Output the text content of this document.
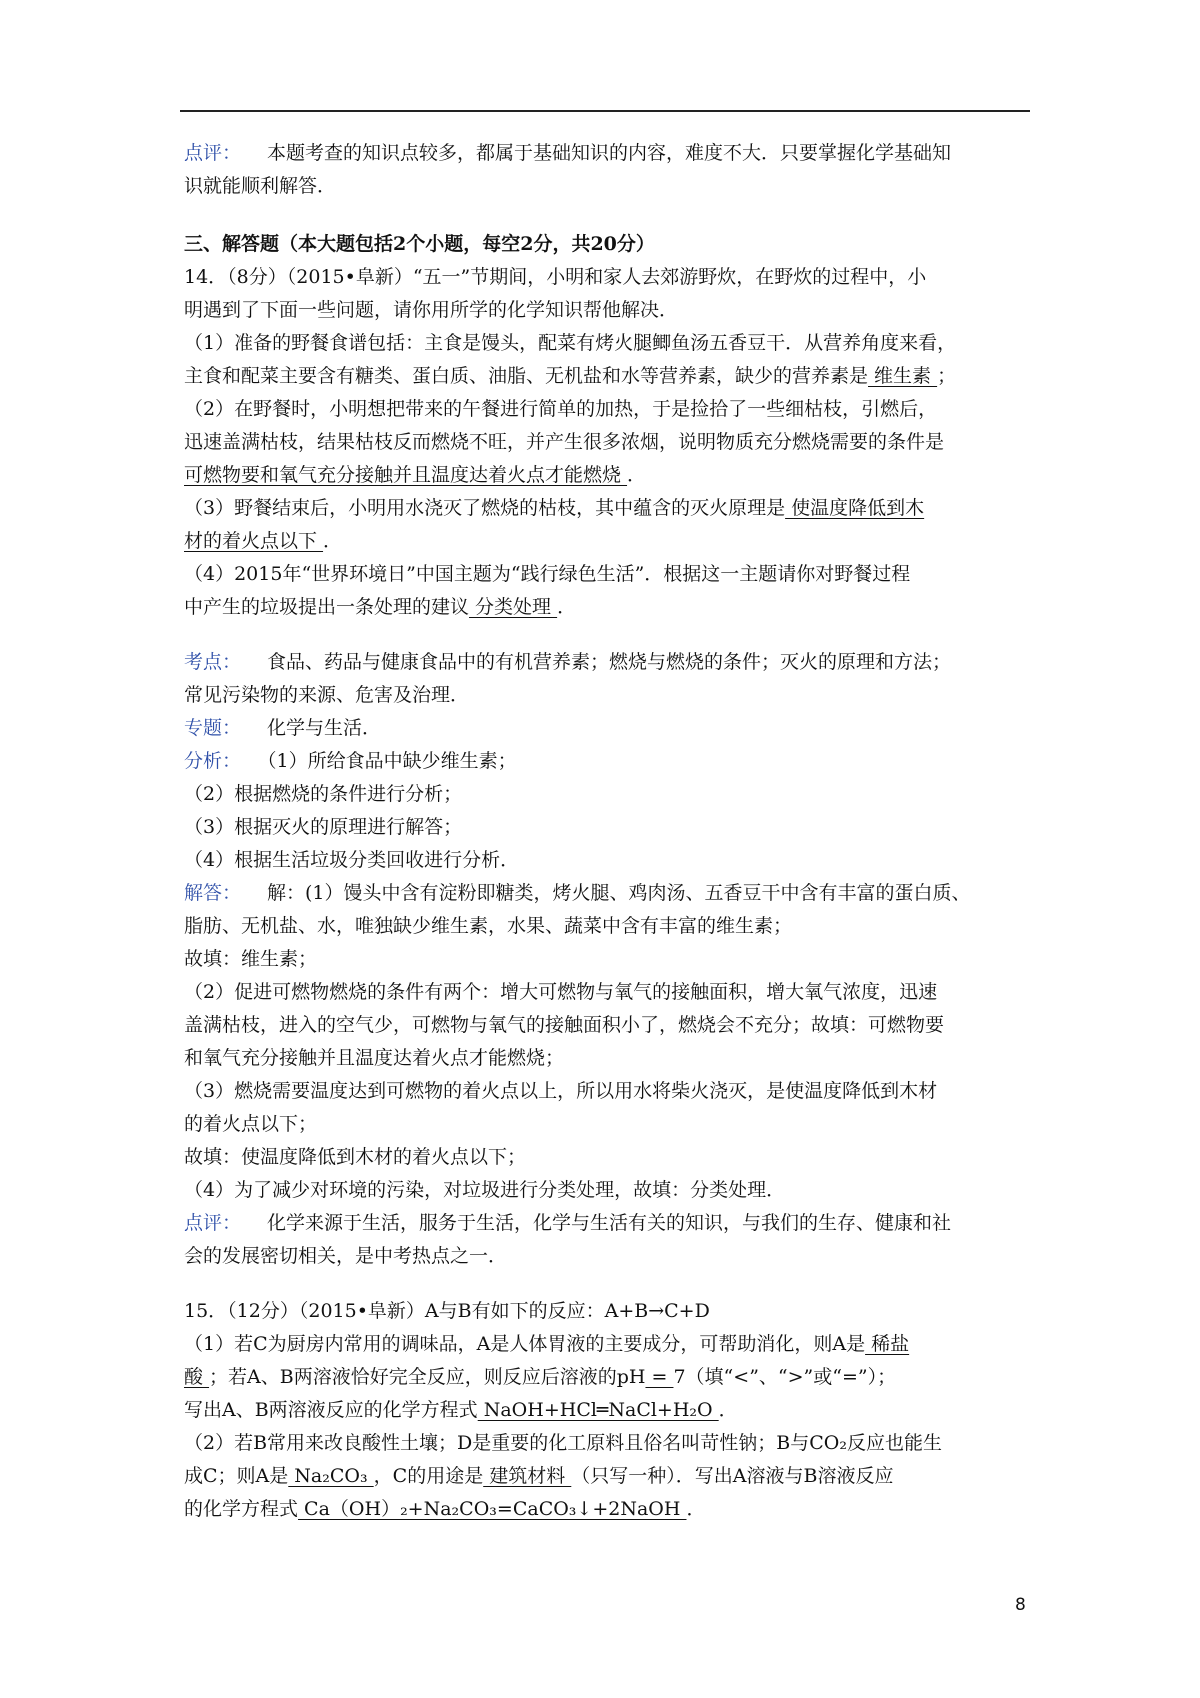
点评： 本题考查的知识点较多，都属于基础知识的内容，难度不大．只要掌握化学基础知
识就能顺利解答．
三、解答题（本大题包括2个小题，每空2分，共20分）
14．（8分）（2015•阜新）“五一”节期间，小明和家人去郊游野炊，在野炊的过程中，小
明遇到了下面一些问题，请你用所学的化学知识帮他解决．
（1）准备的野餐食谱包括：主食是馒头，配菜有烤火腿鲫鱼汤五香豆干．从营养角度来看，
主食和配菜主要含有糖类、蛋白质、油脂、无机盐和水等营养素，缺少的营养素是 维生素 ；
（2）在野餐时，小明想把带来的午餐进行简单的加热，于是捡拾了一些细枯枝，引燃后，
迅速盖满枯枝，结果枯枝反而燃烧不旺，并产生很多浓烟，说明物质充分燃烧需要的条件是
可燃物要和氧气充分接触并且温度达着火点才能燃烧 ．
（3）野餐结束后，小明用水浇灭了燃烧的枯枝，其中蕴含的灭火原理是 使温度降低到木
材的着火点以下 ．
（4）2015年“世界环境日”中国主题为“践行绿色生活”．根据这一主题请你对野餐过程
中产生的垃圾提出一条处理的建议 分类处理 ．
考点： 食品、药品与健康食品中的有机营养素；燃烧与燃烧的条件；灭火的原理和方法；
常见污染物的来源、危害及治理．
专题： 化学与生活．
分析： （1）所给食品中缺少维生素；
（2）根据燃烧的条件进行分析；
（3）根据灭火的原理进行解答；
（4）根据生活垃圾分类回收进行分析．
解答： 解：(1）馒头中含有淀粉即糖类，烤火腿、鸡肉汤、五香豆干中含有丰富的蛋白质、
脂肪、无机盐、水，唯独缺少维生素，水果、蔬菜中含有丰富的维生素；
故填：维生素；
（2）促进可燃物燃烧的条件有两个：增大可燃物与氧气的接触面积，增大氧气浓度，迅速
盖满枯枝，进入的空气少，可燃物与氧气的接触面积小了，燃烧会不充分；故填：可燃物要
和氧气充分接触并且温度达着火点才能燃烧；
（3）燃烧需要温度达到可燃物的着火点以上，所以用水将柴火浇灭，是使温度降低到木材
的着火点以下；
故填：使温度降低到木材的着火点以下；
（4）为了减少对环境的污染，对垃圾进行分类处理，故填：分类处理．
点评： 化学来源于生活，服务于生活，化学与生活有关的知识，与我们的生存、健康和社
会的发展密切相关，是中考热点之一．
15．（12分）（2015•阜新）A与B有如下的反应：A+B→C+D
（1）若C为厨房内常用的调味品，A是人体胃液的主要成分，可帮助消化，则A是 稀盐
酸 ；若A、B两溶液恰好完全反应，则反应后溶液的pH = 7（填“<”、“>”或“=”）；
写出A、B两溶液反应的化学方程式 NaOH+HCl═NaCl+H₂O ．
（2）若B常用来改良酸性土壤；D是重要的化工原料且俗名叫苛性钠；B与CO₂反应也能生
成C；则A是 Na₂CO₃ ，C的用途是 建筑材料 （只写一种）．写出A溶液与B溶液反应
的化学方程式 Ca（OH）₂+Na₂CO₃=CaCO₃↓+2NaOH ．
8
